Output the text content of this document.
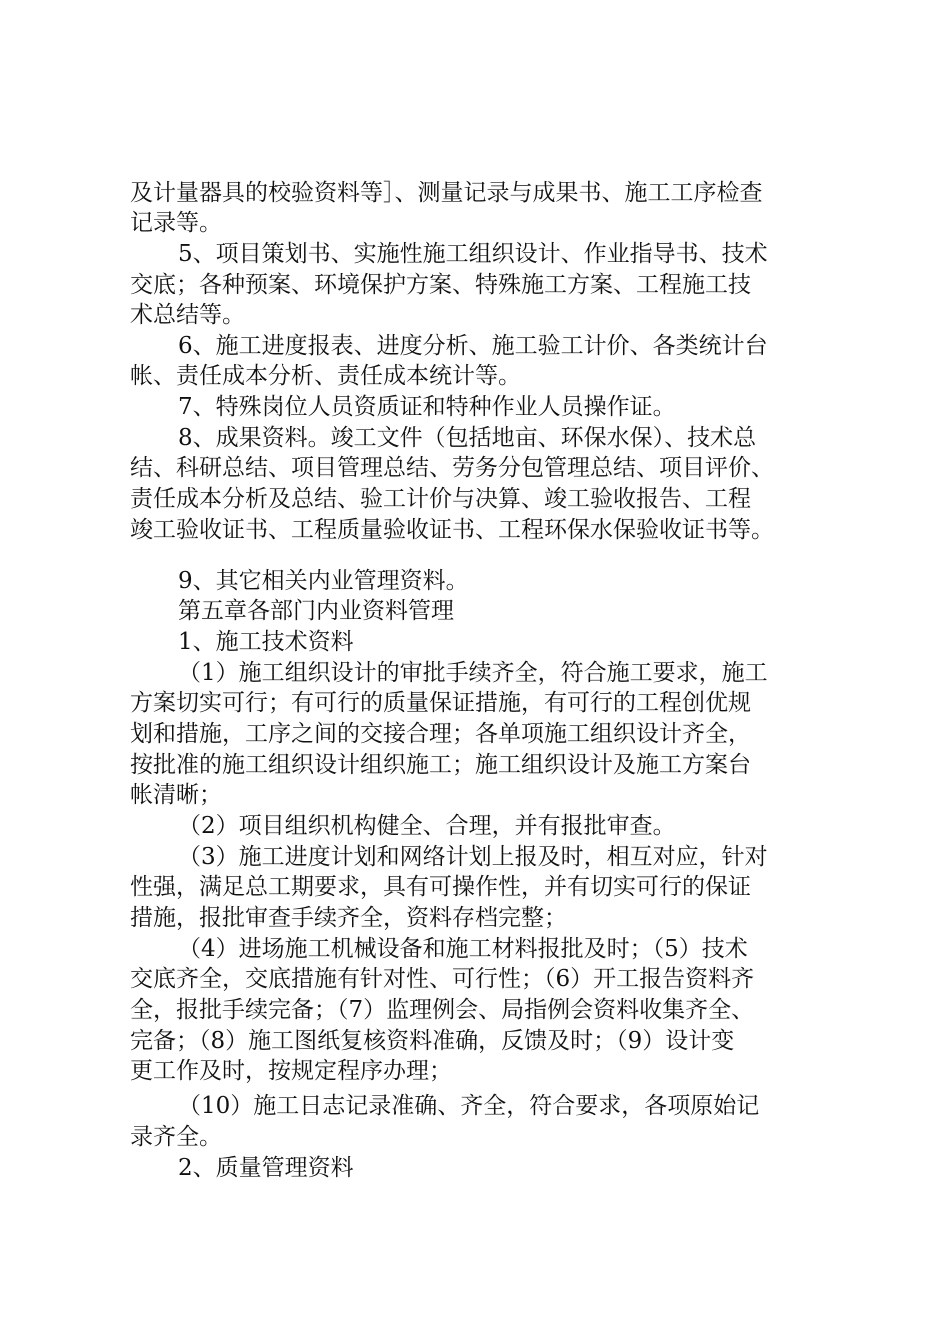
及计量器具的校验资料等］、测量记录与成果书、施工工序检查

记录等。

5、项目策划书、实施性施工组织设计、作业指导书、技术

交底；各种预案、环境保护方案、特殊施工方案、工程施工技

术总结等。

6、施工进度报表、进度分析、施工验工计价、各类统计台

帐、责任成本分析、责任成本统计等。

7、特殊岗位人员资质证和特种作业人员操作证。

8、成果资料。竣工文件（包括地亩、环保水保）、技术总

结、科研总结、项目管理总结、劳务分包管理总结、项目评价、

责任成本分析及总结、验工计价与决算、竣工验收报告、工程

竣工验收证书、工程质量验收证书、工程环保水保验收证书等。

9、其它相关内业管理资料。

第五章各部门内业资料管理

1、施工技术资料

（1）施工组织设计的审批手续齐全，符合施工要求，施工

方案切实可行；有可行的质量保证措施，有可行的工程创优规

划和措施，工序之间的交接合理；各单项施工组织设计齐全，

按批准的施工组织设计组织施工；施工组织设计及施工方案台

帐清晰；

（2）项目组织机构健全、合理，并有报批审查。

（3）施工进度计划和网络计划上报及时，相互对应，针对

性强，满足总工期要求，具有可操作性，并有切实可行的保证

措施，报批审查手续齐全，资料存档完整；

（4）进场施工机械设备和施工材料报批及时；（5）技术

交底齐全，交底措施有针对性、可行性；（6）开工报告资料齐

全，报批手续完备；（7）监理例会、局指例会资料收集齐全、

完备；（8）施工图纸复核资料准确，反馈及时；（9）设计变

更工作及时，按规定程序办理；

（10）施工日志记录准确、齐全，符合要求，各项原始记

录齐全。

2、质量管理资料
